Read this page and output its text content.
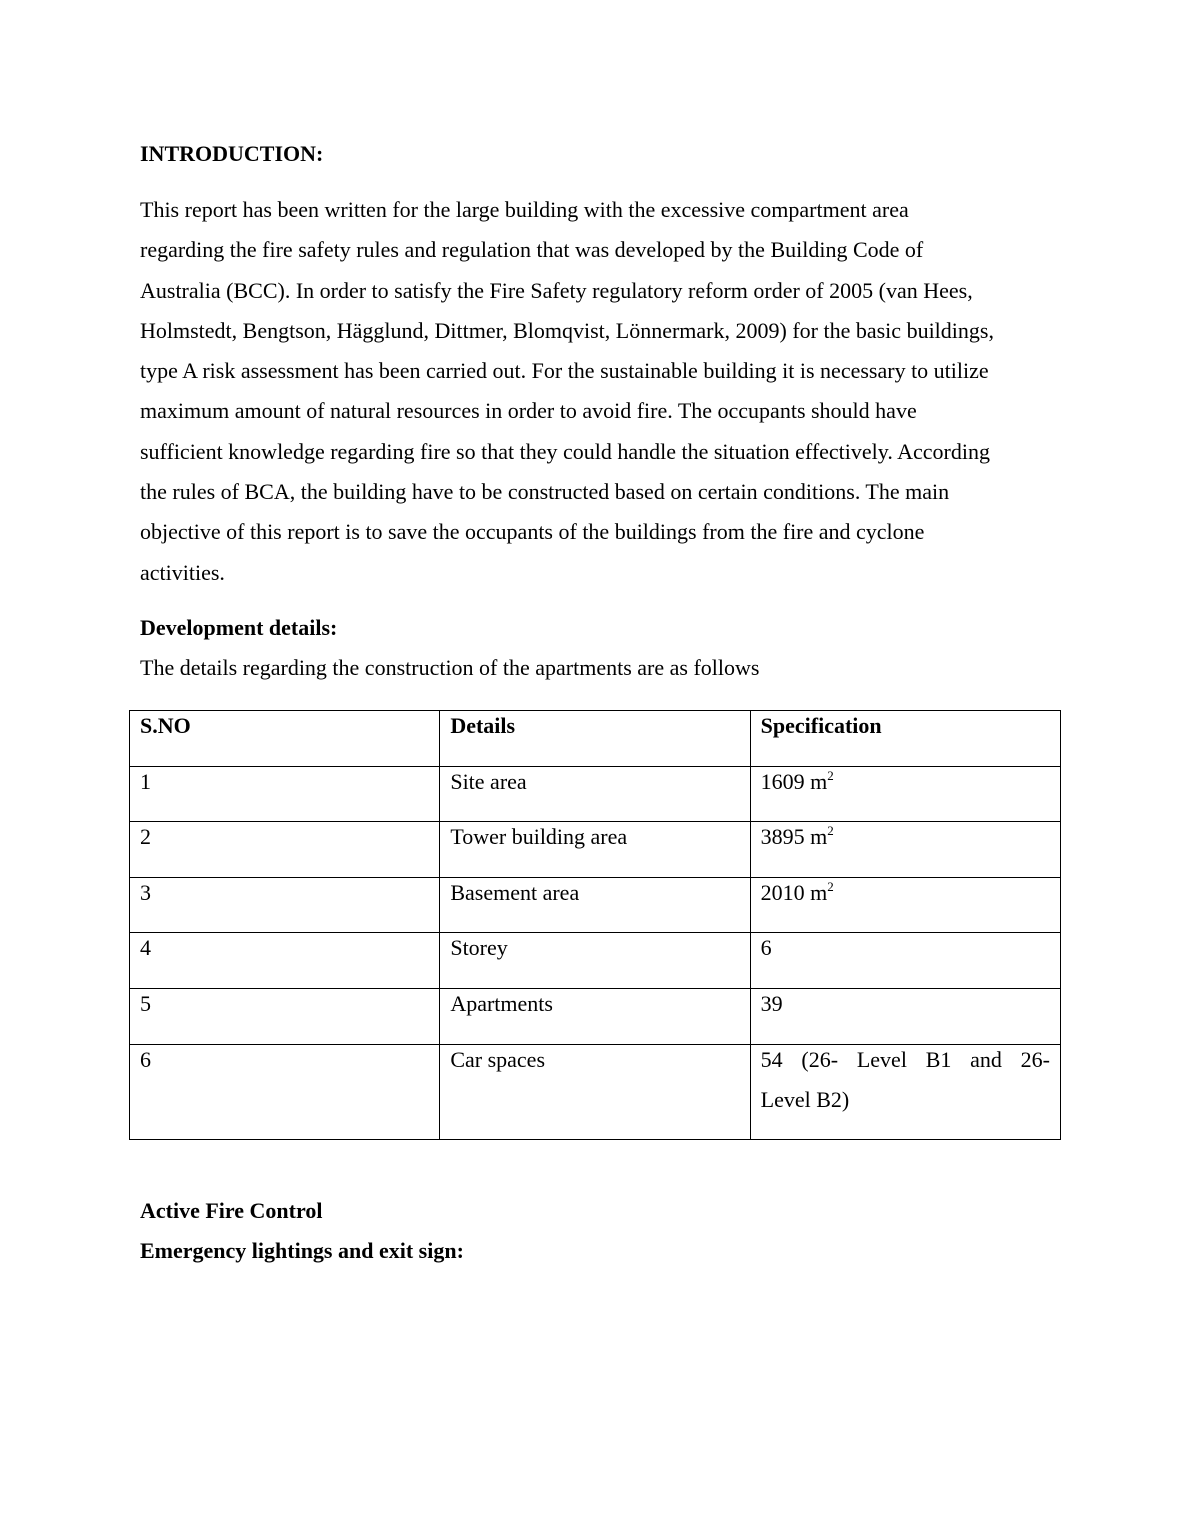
INTRODUCTION:
This report has been written for the large building with the excessive compartment area
regarding the fire safety rules and regulation that was developed by the Building Code of
Australia (BCC). In order to satisfy the Fire Safety regulatory reform order of 2005 (van Hees,
Holmstedt, Bengtson, Hägglund, Dittmer, Blomqvist, Lönnermark, 2009) for the basic buildings,
type A risk assessment has been carried out. For the sustainable building it is necessary to utilize
maximum amount of natural resources in order to avoid fire. The occupants should have
sufficient knowledge regarding fire so that they could handle the situation effectively. According
the rules of BCA, the building have to be constructed based on certain conditions. The main
objective of this report is to save the occupants of the buildings from the fire and cyclone
activities.
Development details:
The details regarding the construction of the apartments are as follows
S.NO	Details	Specification
1	Site area	1609 $m^2$
2	Tower building area	3895 $m^2$
3	Basement area	2010 $m^2$
4	Storey	6
5	Apartments	39
6	Car spaces	54 (26- Level B1 and 26-
Level B2)
Active Fire Control
Emergency lightings and exit sign:
